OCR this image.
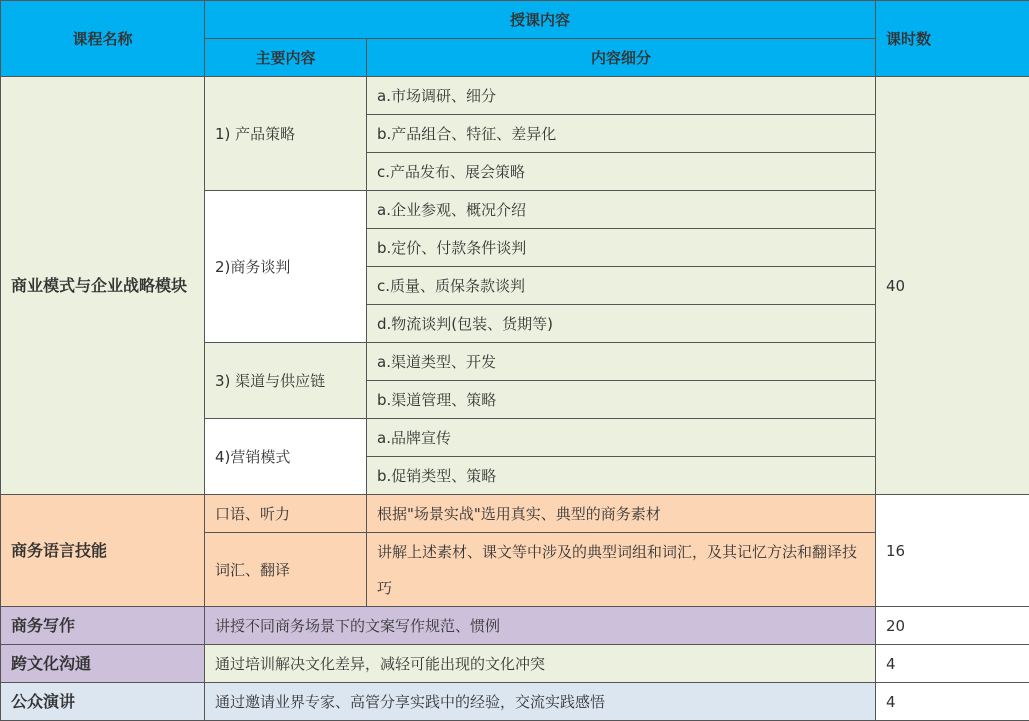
课程名称	授课内容		课时数
	主要内容	内容细分	
商业模式与企业战略模块	1) 产品策略	a.市场调研、细分	40
		b.产品组合、特征、差异化	
		c.产品发布、展会策略	
	2)商务谈判	a.企业参观、概况介绍	
		b.定价、付款条件谈判	
		c.质量、质保条款谈判	
		d.物流谈判(包装、货期等)	
	3) 渠道与供应链	a.渠道类型、开发	
		b.渠道管理、策略	
	4)营销模式	a.品牌宣传	
		b.促销类型、策略	
商务语言技能	口语、听力	根据"场景实战"选用真实、典型的商务素材	16
	词汇、翻译	讲解上述素材、课文等中涉及的典型词组和词汇，及其记忆方法和翻译技巧	
商务写作	讲授不同商务场景下的文案写作规范、惯例		20
跨文化沟通	通过培训解决文化差异，减轻可能出现的文化冲突		4
公众演讲	通过邀请业界专家、高管分享实践中的经验，交流实践感悟		4
